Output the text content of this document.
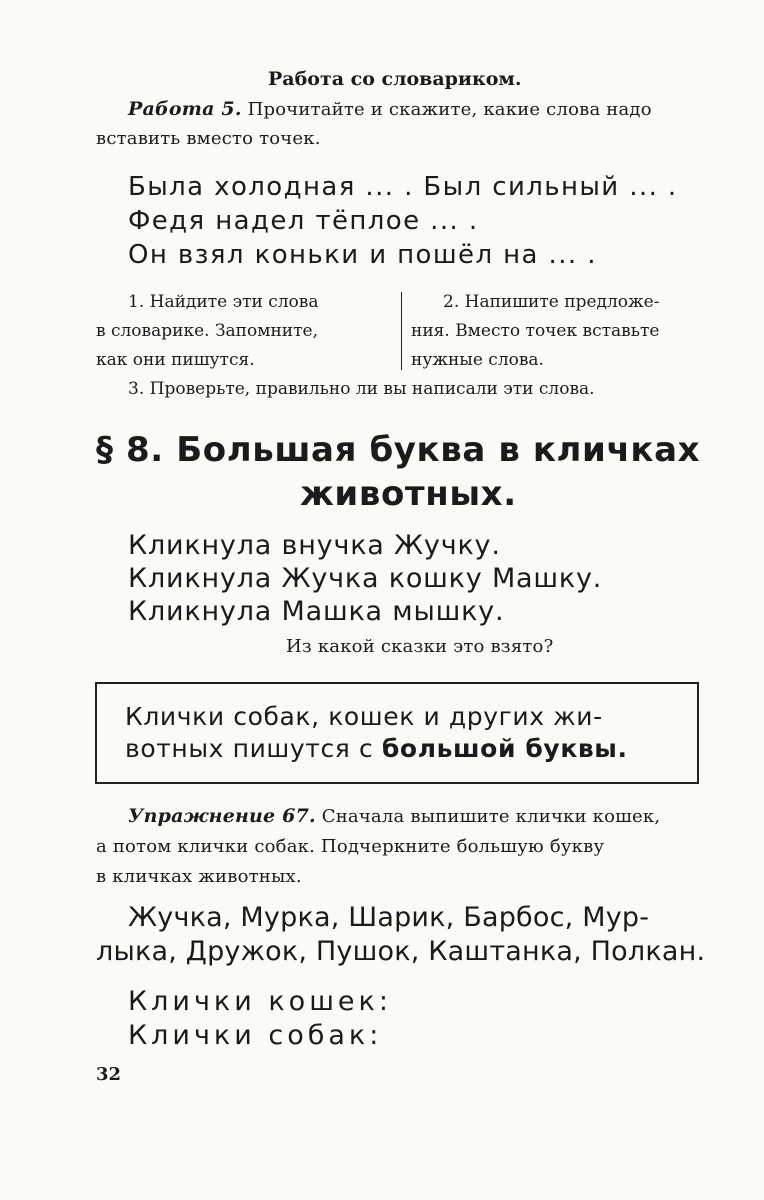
Работа со словариком.
Работа 5. Прочитайте и скажите, какие слова надо
вставить вместо точек.
Была холодная ... . Был сильный ... .
Федя надел тёплое ... .
Он взял коньки и пошёл на ... .

1. Найдите эти слова

в словарике. Запомните,

как они пишутся.

2. Напишите предложе-

ния. Вместо точек вставьте

нужные слова.

3. Проверьте, правильно ли вы написали эти слова.
§ 8. Большая буква в кличках
животных.
Кликнула внучка Жучку.
Кликнула Жучка кошку Машку.
Кликнула Машка мышку.
Из какой сказки это взято?
Клички собак, кошек и других жи-
вотных пишутся с большой буквы.
Упражнение 67. Сначала выпишите клички кошек,
а потом клички собак. Подчеркните большую букву
в кличках животных.
Жучка, Мурка, Шарик, Барбос, Мур-
лыка, Дружок, Пушок, Каштанка, Полкан.
Клички кошек:
Клички собак:
32
